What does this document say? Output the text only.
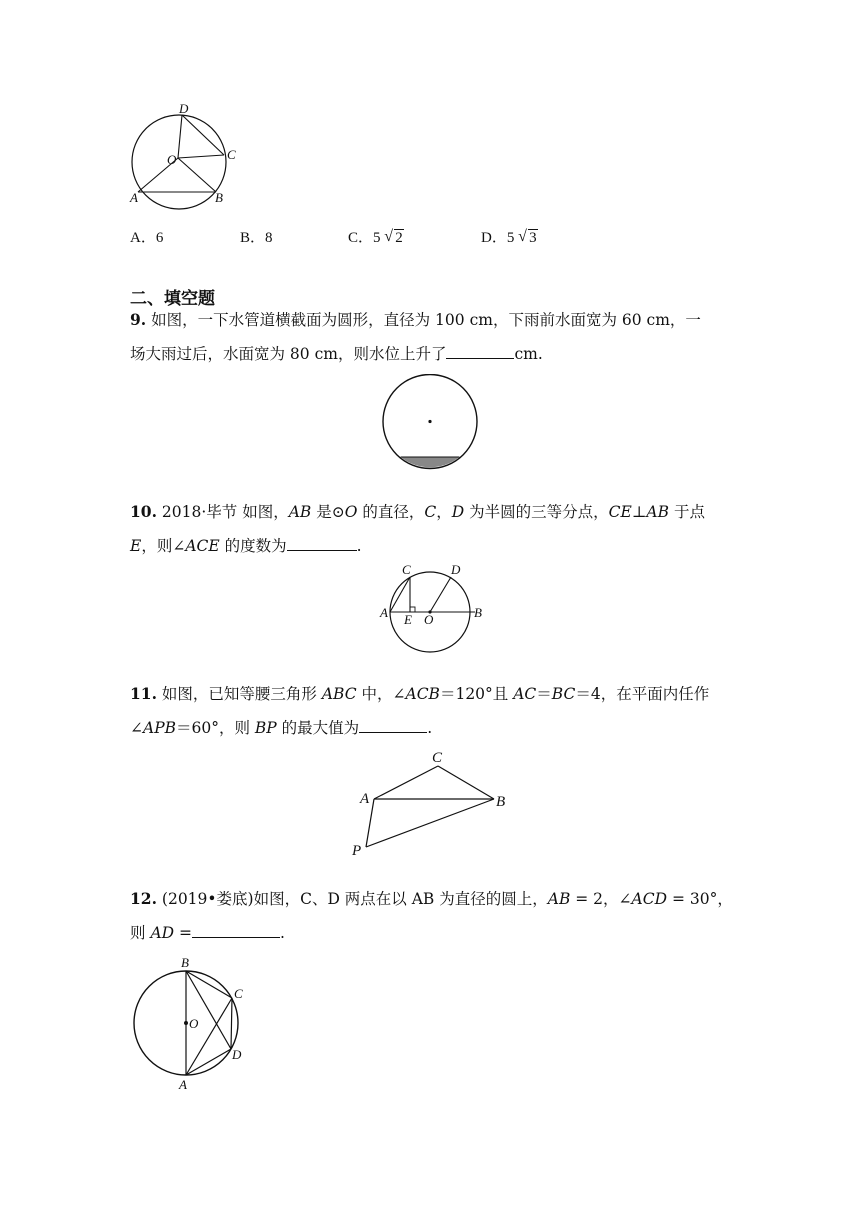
D
O	C
A	B
A．6	B．8	C．5 √ 2	D．5 √ 3
二、填空题
9. 如图，一下水管道横截面为圆形，直径为 100 cm，下雨前水面宽为 60 cm，一
场大雨过后，水面宽为 80 cm，则水位上升了	cm.
10. 2018·毕节 如图，AB 是⊙O 的直径，C，D 为半圆的三等分点，CE⊥AB 于点
E，则∠ACE 的度数为	.
C	D
A E O	B
11. 如图，已知等腰三角形 ABC 中，∠ACB＝120°且 AC＝BC＝4，在平面内任作
∠APB＝60°，则 BP 的最大值为	.
C
A	B
P
12. (2019•娄底)如图，C、D 两点在以 AB 为直径的圆上，AB = 2，∠ACD = 30°，
则 AD =	.
B
C
O
D
A
